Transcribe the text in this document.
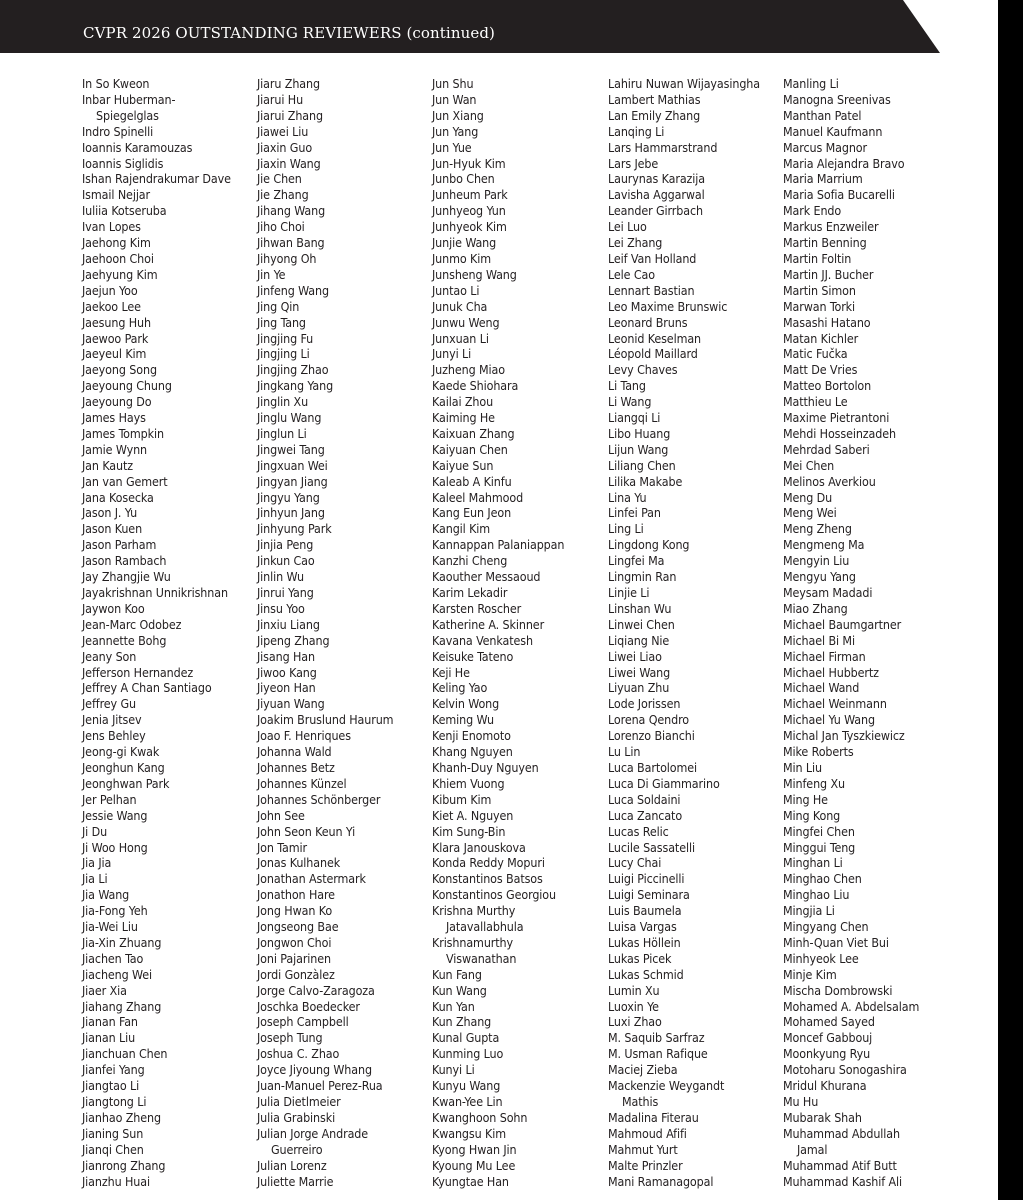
CVPR 2026 OUTSTANDING REVIEWERS (continued)
In So Kweon
Inbar Huberman-
Spiegelglas
Indro Spinelli
Ioannis Karamouzas
Ioannis Siglidis
Ishan Rajendrakumar Dave
Ismail Nejjar
Iuliia Kotseruba
Ivan Lopes
Jaehong Kim
Jaehoon Choi
Jaehyung Kim
Jaejun Yoo
Jaekoo Lee
Jaesung Huh
Jaewoo Park
Jaeyeul Kim
Jaeyong Song
Jaeyoung Chung
Jaeyoung Do
James Hays
James Tompkin
Jamie Wynn
Jan Kautz
Jan van Gemert
Jana Kosecka
Jason J. Yu
Jason Kuen
Jason Parham
Jason Rambach
Jay Zhangjie Wu
Jayakrishnan Unnikrishnan
Jaywon Koo
Jean-Marc Odobez
Jeannette Bohg
Jeany Son
Jefferson Hernandez
Jeffrey A Chan Santiago
Jeffrey Gu
Jenia Jitsev
Jens Behley
Jeong-gi Kwak
Jeonghun Kang
Jeonghwan Park
Jer Pelhan
Jessie Wang
Ji Du
Ji Woo Hong
Jia Jia
Jia Li
Jia Wang
Jia-Fong Yeh
Jia-Wei Liu
Jia-Xin Zhuang
Jiachen Tao
Jiacheng Wei
Jiaer Xia
Jiahang Zhang
Jianan Fan
Jianan Liu
Jianchuan Chen
Jianfei Yang
Jiangtao Li
Jiangtong Li
Jianhao Zheng
Jianing Sun
Jianqi Chen
Jianrong Zhang
Jianzhu Huai
Jiaru Zhang
Jiarui Hu
Jiarui Zhang
Jiawei Liu
Jiaxin Guo
Jiaxin Wang
Jie Chen
Jie Zhang
Jihang Wang
Jiho Choi
Jihwan Bang
Jihyong Oh
Jin Ye
Jinfeng Wang
Jing Qin
Jing Tang
Jingjing Fu
Jingjing Li
Jingjing Zhao
Jingkang Yang
Jinglin Xu
Jinglu Wang
Jinglun Li
Jingwei Tang
Jingxuan Wei
Jingyan Jiang
Jingyu Yang
Jinhyun Jang
Jinhyung Park
Jinjia Peng
Jinkun Cao
Jinlin Wu
Jinrui Yang
Jinsu Yoo
Jinxiu Liang
Jipeng Zhang
Jisang Han
Jiwoo Kang
Jiyeon Han
Jiyuan Wang
Joakim Bruslund Haurum
Joao F. Henriques
Johanna Wald
Johannes Betz
Johannes Künzel
Johannes Schönberger
John See
John Seon Keun Yi
Jon Tamir
Jonas Kulhanek
Jonathan Astermark
Jonathon Hare
Jong Hwan Ko
Jongseong Bae
Jongwon Choi
Joni Pajarinen
Jordi Gonzàlez
Jorge Calvo-Zaragoza
Joschka Boedecker
Joseph Campbell
Joseph Tung
Joshua C. Zhao
Joyce Jiyoung Whang
Juan-Manuel Perez-Rua
Julia Dietlmeier
Julia Grabinski
Julian Jorge Andrade
Guerreiro
Julian Lorenz
Juliette Marrie
Jun Shu
Jun Wan
Jun Xiang
Jun Yang
Jun Yue
Jun-Hyuk Kim
Junbo Chen
Junheum Park
Junhyeog Yun
Junhyeok Kim
Junjie Wang
Junmo Kim
Junsheng Wang
Juntao Li
Junuk Cha
Junwu Weng
Junxuan Li
Junyi Li
Juzheng Miao
Kaede Shiohara
Kailai Zhou
Kaiming He
Kaixuan Zhang
Kaiyuan Chen
Kaiyue Sun
Kaleab A Kinfu
Kaleel Mahmood
Kang Eun Jeon
Kangil Kim
Kannappan Palaniappan
Kanzhi Cheng
Kaouther Messaoud
Karim Lekadir
Karsten Roscher
Katherine A. Skinner
Kavana Venkatesh
Keisuke Tateno
Keji He
Keling Yao
Kelvin Wong
Keming Wu
Kenji Enomoto
Khang Nguyen
Khanh-Duy Nguyen
Khiem Vuong
Kibum Kim
Kiet A. Nguyen
Kim Sung-Bin
Klara Janouskova
Konda Reddy Mopuri
Konstantinos Batsos
Konstantinos Georgiou
Krishna Murthy
Jatavallabhula
Krishnamurthy
Viswanathan
Kun Fang
Kun Wang
Kun Yan
Kun Zhang
Kunal Gupta
Kunming Luo
Kunyi Li
Kunyu Wang
Kwan-Yee Lin
Kwanghoon Sohn
Kwangsu Kim
Kyong Hwan Jin
Kyoung Mu Lee
Kyungtae Han
Lahiru Nuwan Wijayasingha
Lambert Mathias
Lan Emily Zhang
Lanqing Li
Lars Hammarstrand
Lars Jebe
Laurynas Karazija
Lavisha Aggarwal
Leander Girrbach
Lei Luo
Lei Zhang
Leif Van Holland
Lele Cao
Lennart Bastian
Leo Maxime Brunswic
Leonard Bruns
Leonid Keselman
Léopold Maillard
Levy Chaves
Li Tang
Li Wang
Liangqi Li
Libo Huang
Lijun Wang
Liliang Chen
Lilika Makabe
Lina Yu
Linfei Pan
Ling Li
Lingdong Kong
Lingfei Ma
Lingmin Ran
Linjie Li
Linshan Wu
Linwei Chen
Liqiang Nie
Liwei Liao
Liwei Wang
Liyuan Zhu
Lode Jorissen
Lorena Qendro
Lorenzo Bianchi
Lu Lin
Luca Bartolomei
Luca Di Giammarino
Luca Soldaini
Luca Zancato
Lucas Relic
Lucile Sassatelli
Lucy Chai
Luigi Piccinelli
Luigi Seminara
Luis Baumela
Luisa Vargas
Lukas Höllein
Lukas Picek
Lukas Schmid
Lumin Xu
Luoxin Ye
Luxi Zhao
M. Saquib Sarfraz
M. Usman Rafique
Maciej Zieba
Mackenzie Weygandt
Mathis
Madalina Fiterau
Mahmoud Afifi
Mahmut Yurt
Malte Prinzler
Mani Ramanagopal
Manling Li
Manogna Sreenivas
Manthan Patel
Manuel Kaufmann
Marcus Magnor
Maria Alejandra Bravo
Maria Marrium
Maria Sofia Bucarelli
Mark Endo
Markus Enzweiler
Martin Benning
Martin Foltin
Martin JJ. Bucher
Martin Simon
Marwan Torki
Masashi Hatano
Matan Kichler
Matic Fučka
Matt De Vries
Matteo Bortolon
Matthieu Le
Maxime Pietrantoni
Mehdi Hosseinzadeh
Mehrdad Saberi
Mei Chen
Melinos Averkiou
Meng Du
Meng Wei
Meng Zheng
Mengmeng Ma
Mengyin Liu
Mengyu Yang
Meysam Madadi
Miao Zhang
Michael Baumgartner
Michael Bi Mi
Michael Firman
Michael Hubbertz
Michael Wand
Michael Weinmann
Michael Yu Wang
Michal Jan Tyszkiewicz
Mike Roberts
Min Liu
Minfeng Xu
Ming He
Ming Kong
Mingfei Chen
Minggui Teng
Minghan Li
Minghao Chen
Minghao Liu
Mingjia Li
Mingyang Chen
Minh-Quan Viet Bui
Minhyeok Lee
Minje Kim
Mischa Dombrowski
Mohamed A. Abdelsalam
Mohamed Sayed
Moncef Gabbouj
Moonkyung Ryu
Motoharu Sonogashira
Mridul Khurana
Mu Hu
Mubarak Shah
Muhammad Abdullah
Jamal
Muhammad Atif Butt
Muhammad Kashif Ali
